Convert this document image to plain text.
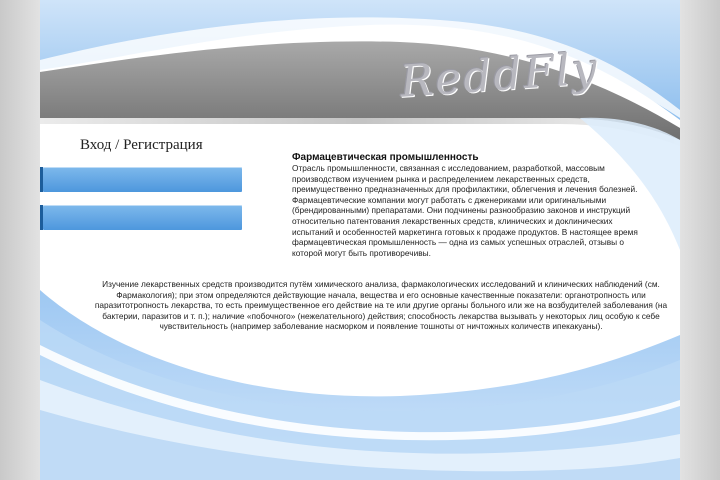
ReddFly
Вход / Регистрация
Фармацевтическая промышленность

Отрасль промышленности, связанная с исследованием, разработкой, массовым производством изучением рынка и распределением лекарственных средств, преимущественно предназначенных для профилактики, облегчения и лечения болезней. Фармацевтические компании могут работать с дженериками или оригинальными (брендированными) препаратами. Они подчинены разнообразию законов и инструкций относительно патентования лекарственных средств, клинических и доклинических испытаний и особенностей маркетинга готовых к продаже продуктов. В настоящее время фармацевтическая промышленность — одна из самых успешных отраслей, отзывы о которой могут быть противоречивы.

Изучение лекарственных средств производится путём химического анализа, фармакологических исследований и клинических наблюдений (см. Фармакология); при этом определяются действующие начала, вещества и его основные качественные показатели: органотропность или паразитотропность лекарства, то есть преимущественное его действие на те или другие органы больного или же на возбудителей заболевания (на бактерии, паразитов и т. п.); наличие «побочного» (нежелательного) действия; способность лекарства вызывать у некоторых лиц особую к себе чувствительность (например заболевание насморком и появление тошноты от ничтожных количеств ипекакуаны).
